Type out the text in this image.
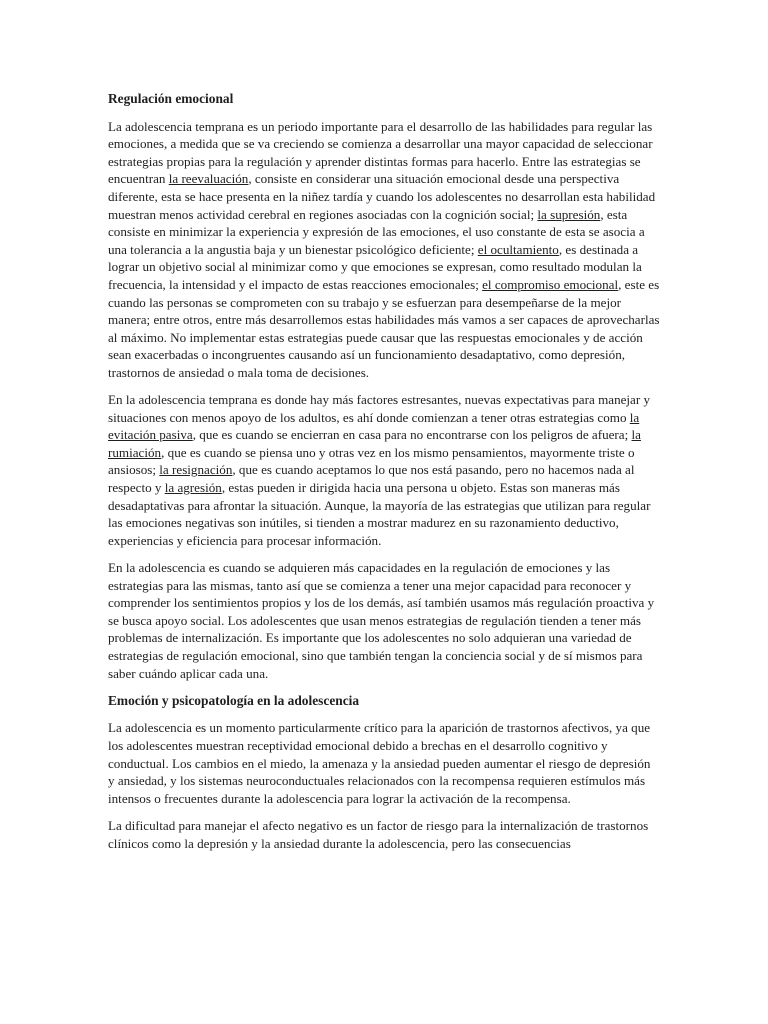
Regulación emocional

La adolescencia temprana es un periodo importante para el desarrollo de las habilidades para regular las emociones, a medida que se va creciendo se comienza a desarrollar una mayor capacidad de seleccionar estrategias propias para la regulación y aprender distintas formas para hacerlo. Entre las estrategias se encuentran la reevaluación, consiste en considerar una situación emocional desde una perspectiva diferente, esta se hace presenta en la niñez tardía y cuando los adolescentes no desarrollan esta habilidad muestran menos actividad cerebral en regiones asociadas con la cognición social; la supresión, esta consiste en minimizar la experiencia y expresión de las emociones, el uso constante de esta se asocia a una tolerancia a la angustia baja y un bienestar psicológico deficiente; el ocultamiento, es destinada a lograr un objetivo social al minimizar como y que emociones se expresan, como resultado modulan la frecuencia, la intensidad y el impacto de estas reacciones emocionales; el compromiso emocional, este es cuando las personas se comprometen con su trabajo y se esfuerzan para desempeñarse de la mejor manera; entre otros, entre más desarrollemos estas habilidades más vamos a ser capaces de aprovecharlas al máximo. No implementar estas estrategias puede causar que las respuestas emocionales y de acción sean exacerbadas o incongruentes causando así un funcionamiento desadaptativo, como depresión, trastornos de ansiedad o mala toma de decisiones.

En la adolescencia temprana es donde hay más factores estresantes, nuevas expectativas para manejar y situaciones con menos apoyo de los adultos, es ahí donde comienzan a tener otras estrategias como la evitación pasiva, que es cuando se encierran en casa para no encontrarse con los peligros de afuera; la rumiación, que es cuando se piensa uno y otras vez en los mismo pensamientos, mayormente triste o ansiosos; la resignación, que es cuando aceptamos lo que nos está pasando, pero no hacemos nada al respecto y la agresión, estas pueden ir dirigida hacia una persona u objeto. Estas son maneras más desadaptativas para afrontar la situación. Aunque, la mayoría de las estrategias que utilizan para regular las emociones negativas son inútiles, si tienden a mostrar madurez en su razonamiento deductivo, experiencias y eficiencia para procesar información.

En la adolescencia es cuando se adquieren más capacidades en la regulación de emociones y las estrategias para las mismas, tanto así que se comienza a tener una mejor capacidad para reconocer y comprender los sentimientos propios y los de los demás, así también usamos más regulación proactiva y se busca apoyo social. Los adolescentes que usan menos estrategias de regulación tienden a tener más problemas de internalización. Es importante que los adolescentes no solo adquieran una variedad de estrategias de regulación emocional, sino que también tengan la conciencia social y de sí mismos para saber cuándo aplicar cada una.

Emoción y psicopatología en la adolescencia

La adolescencia es un momento particularmente crítico para la aparición de trastornos afectivos, ya que los adolescentes muestran receptividad emocional debido a brechas en el desarrollo cognitivo y conductual. Los cambios en el miedo, la amenaza y la ansiedad pueden aumentar el riesgo de depresión y ansiedad, y los sistemas neuroconductuales relacionados con la recompensa requieren estímulos más intensos o frecuentes durante la adolescencia para lograr la activación de la recompensa.

La dificultad para manejar el afecto negativo es un factor de riesgo para la internalización de trastornos clínicos como la depresión y la ansiedad durante la adolescencia, pero las consecuencias
